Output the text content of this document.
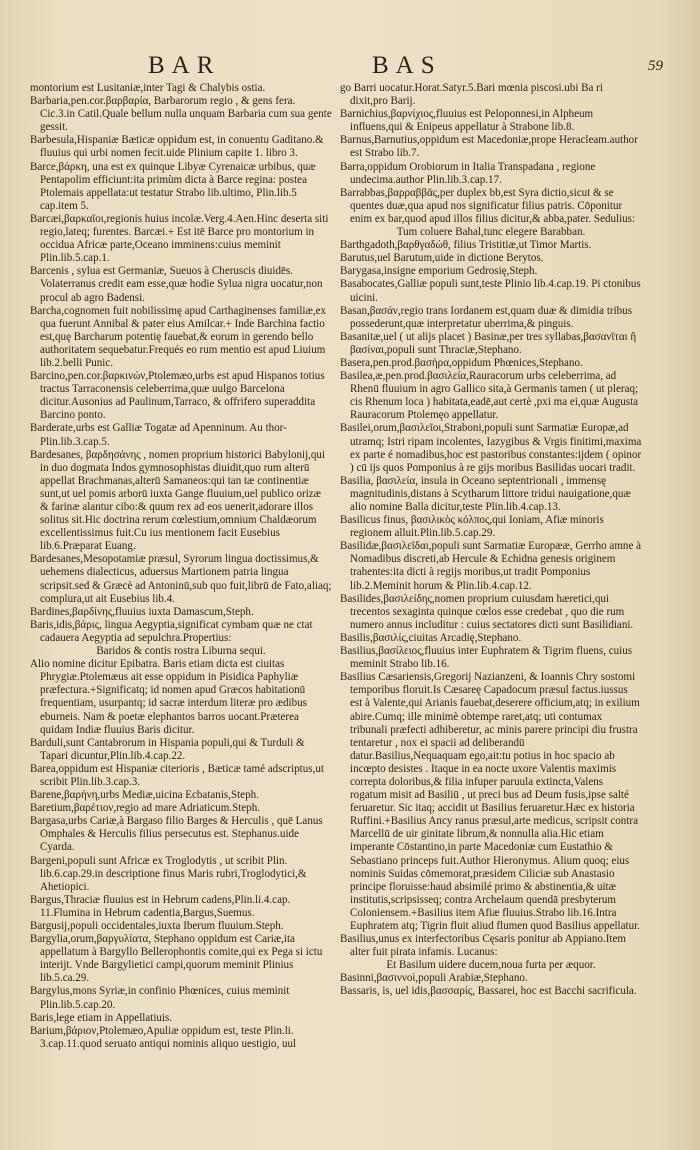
BAR	BAS	59

montorium est Lusitaniæ,inter Tagi & Chalybis ostia.

Barbaria,pen.cor.βαρβαρία, Barbarorum regio , & gens fera. Cic.3.in Catil.Quale bellum nulla unquam Barbaria cum sua gente gessit.

Barbesula,Hispaniæ Bæticæ oppidum est, in conuentu Gaditano.& fluuius qui urbi nomen fecit.uide Plinium capite 1. libro 3.

Barce,βάρκη, una est ex quinque Libyæ Cyrenaicæ urbibus, quæ Pentapolim efficiunt:ita primùm dicta à Barce regina: postea Ptolemais appellata:ut testatur Strabo lib.ultimo, Plin.lib.5 cap.item 5.

Barcæi,βαρκαῖοι,regionis huius incolæ.Verg.4.Aen.Hinc deserta siti regio,lateq; furentes. Barcæi.+ Est itē Barce pro montorium in occidua Africæ parte,Oceano imminens:cuius meminit Plin.lib.5.cap.1.

Barcenis , sylua est Germaniæ, Sueuos à Cheruscis diuidēs. Volaterranus credit eam esse,quæ hodie Sylua nigra uocatur,non procul ab agro Badensi.

Barcha,cognomen fuit nobilissimę apud Carthaginenses familiæ,ex qua fuerunt Annibal & pater eius Amilcar.+ Inde Barchina factio est,quę Barcharum potentię fauebat,& eorum in gerendo bello authoritatem sequebatur.Frequés eo rum mentio est apud Liuium lib.2.belli Punic.

Barcino,pen.cor.βαρκινών,Ptolemæo,urbs est apud Hispanos totius tractus Tarraconensis celeberrima,quæ uulgo Barcelona dicitur.Ausonius ad Paulinum,Tarraco, & offrifero superaddita Barcino ponto.

Barderate,urbs est Galliæ Togatæ ad Apenninum. Au thor-Plin.lib.3.cap.5.

Bardesanes, βαρδησάνης , nomen proprium historici Babylonij,qui in duo dogmata Indos gymnosophistas diuidit,quo rum alterū appellat Brachmanas,alterū Samaneos:qui tan tæ continentiæ sunt,ut uel pomis arborū iuxta Gange fluuium,uel publico orizæ & farinæ alantur cibo:& quum rex ad eos uenerit,adorare illos solitus sit.Hic doctrina rerum cœlestium,omnium Chaldæorum excellentissimus fuit.Cu ius mentionem facit Eusebius lib.6.Præparat Euang.

Bardesanes,Mesopotamiæ præsul, Syrorum lingua doctissimus,& uehemens dialecticus, aduersus Martionem patria lingua scripsit.sed & Græcè ad Antoninū,sub quo fuit,librū de Fato,aliaq; complura,ut ait Eusebius lib.4.

Bardines,βαρδίνης,fluuius iuxta Damascum,Steph.

Baris,idis,βάρις, lingua Aegyptia,significat cymbam quæ ne ctat cadauera Aegyptia ad sepulchra.Propertius:

Baridos & contis rostra Liburna sequi.

Alio nomine dicitur Epibatra. Baris etiam dicta est ciuitas Phrygiæ.Ptolemæus ait esse oppidum in Pisidica Paphyliæ præfectura.+Significatq; id nomen apud Græcos habitationū frequentiam, usurpantq; id sacræ interdum literæ pro ædibus eburneis. Nam & poetæ elephantos barros uocant.Præterea quidam Indiæ fluuius Baris dicitur.

Barduli,sunt Cantabrorum in Hispania populi,qui & Turduli & Tapari dicuntur,Plin.lib.4.cap.22.

Barea,oppidum est Hispaniæ citerioris , Bæticæ tamé adscriptus,ut scribit Plin.lib.3.cap.3.

Barene,βαρήνη,urbs Mediæ,uicina Ecbatanis,Steph.

Baretium,βαρέτιον,regio ad mare Adriaticum.Steph.

Bargasa,urbs Cariæ,à Bargaso filio Barges & Herculis , quē Lanus Omphales & Herculis filius persecutus est. Stephanus.uide Cyarda.

Bargeni,populi sunt Africæ ex Troglodytis , ut scribit Plin. lib.6.cap.29.in descriptione finus Maris rubri,Troglodytici,& Ahetiopici.

Bargus,Thraciæ fluuius est in Hebrum cadens,Plin.li.4.cap. 11.Flumina in Hebrum cadentia,Bargus,Suemus.

Bargusij,populi occidentales,iuxta Iberum fluuium.Steph.

Bargylia,orum,βαργυλίατα, Stephano oppidum est Cariæ,ita appellatum à Bargyllo Bellerophontis comite,qui ex Pega si ictu interijt. Vnde Bargylietici campi,quorum meminit Plinius lib.5.ca.29.

Bargylus,mons Syriæ,in confinio Phœnices, cuius meminit Plin.lib.5.cap.20.

Baris,lege etiam in Appellatiuis.

Barium,βάριον,Ptolemæo,Apuliæ oppidum est, teste Plin.li. 3.cap.11.quod seruato antiqui nominis aliquo uestigio, uul

go Barri uocatur.Horat.Satyr.5.Bari mœnia piscosi.ubi Ba ri dixit,pro Barij.

Barnichius,βαρνίχιος,fluuius est Peloponnesi,in Alpheum influens,qui & Enipeus appellatur à Strabone lib.8.

Barnus,Barnutius,oppidum est Macedoniæ,prope Heracleam.author est Strabo lib.7.

Barra,oppidum Orobiorum in Italia Transpadana , regione undecima.author Plin.lib.3.cap.17.

Barrabbas,βαρραββᾶς,per duplex bb,est Syra dictio,sicut & se quentes duæ,qua apud nos significatur filius patris. Cōponitur enim ex bar,quod apud illos filius dicitur,& abba,pater. Sedulius:

Tum coluere Bahal,tunc elegere Barabban.

Barthgadoth,βαρθγαδώθ, filius Tristitiæ,ut Timor Martis.

Barutus,uel Barutum,uide in dictione Berytos.

Barygasa,insigne emporium Gedrosię,Steph.

Basabocates,Galliæ populi sunt,teste Plinio lib.4.cap.19. Pi ctonibus uicini.

Basan,βασάν,regio trans Iordanem est,quam duæ & dimidia tribus possederunt,quæ interpretatur uberrima,& pinguis.

Basanitæ,uel ( ut alijs placet ) Basinæ,per tres syllabas,βασανῖται ἢ βασίναι,populi sunt Thraciæ,Stephano.

Basera,pen.prod.βασήρα,oppidum Phœnices,Stephano.

Basilea,æ,pen.prod.βασιλεία,Rauracorum urbs celeberrima, ad Rhenū fluuium in agro Gallico sita,à Germanis tamen ( ut pleraq; cis Rhenum loca ) habitata,eadē,aut certè ,pxi ma ei,quæ Augusta Rauracorum Ptolemęo appellatur.

Basilei,orum,βασιλεῖοι,Straboni,populi sunt Sarmatiæ Europæ,ad utramq; Istri ripam incolentes, Iazygibus & Vrgis finitimi,maxima ex parte é nomadibus,hoc est pastoribus constantes:ijdem ( opinor ) cū ijs quos Pomponius à re gijs moribus Basilidas uocari tradit.

Basilia, βασιλεία, insula in Oceano septentrionali , immensę magnitudinis,distans à Scytharum littore tridui nauigatione,quæ alio nomine Balla dicitur,teste Plin.lib.4.cap.13.

Basilicus finus, βασιλικὸς κόλπος,qui Ioniam, Afiæ minoris regionem alluit.Plin.lib.5.cap.29.

Basilidæ,βασιλεῖδαι,populi sunt Sarmatiæ Europææ, Gerrho amne à Nomadibus discreti,ab Hercule & Echidna genesis originem trahentes:ita dicti à regijs moribus,ut tradit Pomponius lib.2.Meminit horum & Plin.lib.4.cap.12.

Basilides,βασιλείδης,nomen proprium cuiusdam hæretici,qui trecentos sexaginta quinque cœlos esse credebat , quo die rum numero annus includitur : cuius sectatores dicti sunt Basilidiani.

Basilis,βασιλίς,ciuitas Arcadię,Stephano.

Basilius,βασίλειος,fluuius inter Euphratem & Tigrim fluens, cuius meminit Strabo lib.16.

Basilius Cæsariensis,Gregorij Nazianzeni, & Ioannis Chry sostomi temporibus floruit.Is Cæsareę Capadocum præsul factus.iussus est à Valente,qui Arianis fauebat,deserere officium,atq; in exilium abire.Cumq; ille minimè obtempe raret,atq; uti contumax tribunali præfecti adhiberetur, ac minis parere principi diu frustra tentaretur , nox ei spacii ad deliberandū datur.Basilius,Nequaquam ego,ait:tu potius in hoc spacio ab incœpto desistes . Itaque in ea nocte uxore Valentis maximis correpta doloribus,& filia infuper paruula extincta,Valens rogatum misit ad Basiliū , ut preci bus ad Deum fusis,ipse salté feruaretur. Sic itaq; accidit ut Basilius feruaretur.Hæc ex historia Ruffini.+Basilius Ancy ranus præsul,arte medicus, scripsit contra Marcellū de uir ginitate librum,& nonnulla alia.Hic etiam imperante Cōstantino,in parte Macedoniæ cum Eustathio & Sebastiano princeps fuit.Author Hieronymus. Alium quoq; eius nominis Suidas cōmemorat,præsidem Ciliciæ sub Anastasio principe floruisse:haud absimilé primo & abstinentia,& uitæ institutis,scripsisseq; contra Archelaum quendā presbyterum Coloniensem.+Basilius item Afiæ fluuius.Strabo lib.16.Intra Euphratem atq; Tigrin fluit aliud flumen quod Basilius appellatur.

Basilius,unus ex interfectoribus Cęsaris ponitur ab Appiano.Item alter fuit pirata infamis. Lucanus:

Et Basilum uidere ducem,noua furta per æquor.

Basinni,βασιννοὶ,populi Arabiæ,Stephano.

Bassaris, is, uel idis,βασσαρίς, Bassarei, hoc est Bacchi sacrificula.
